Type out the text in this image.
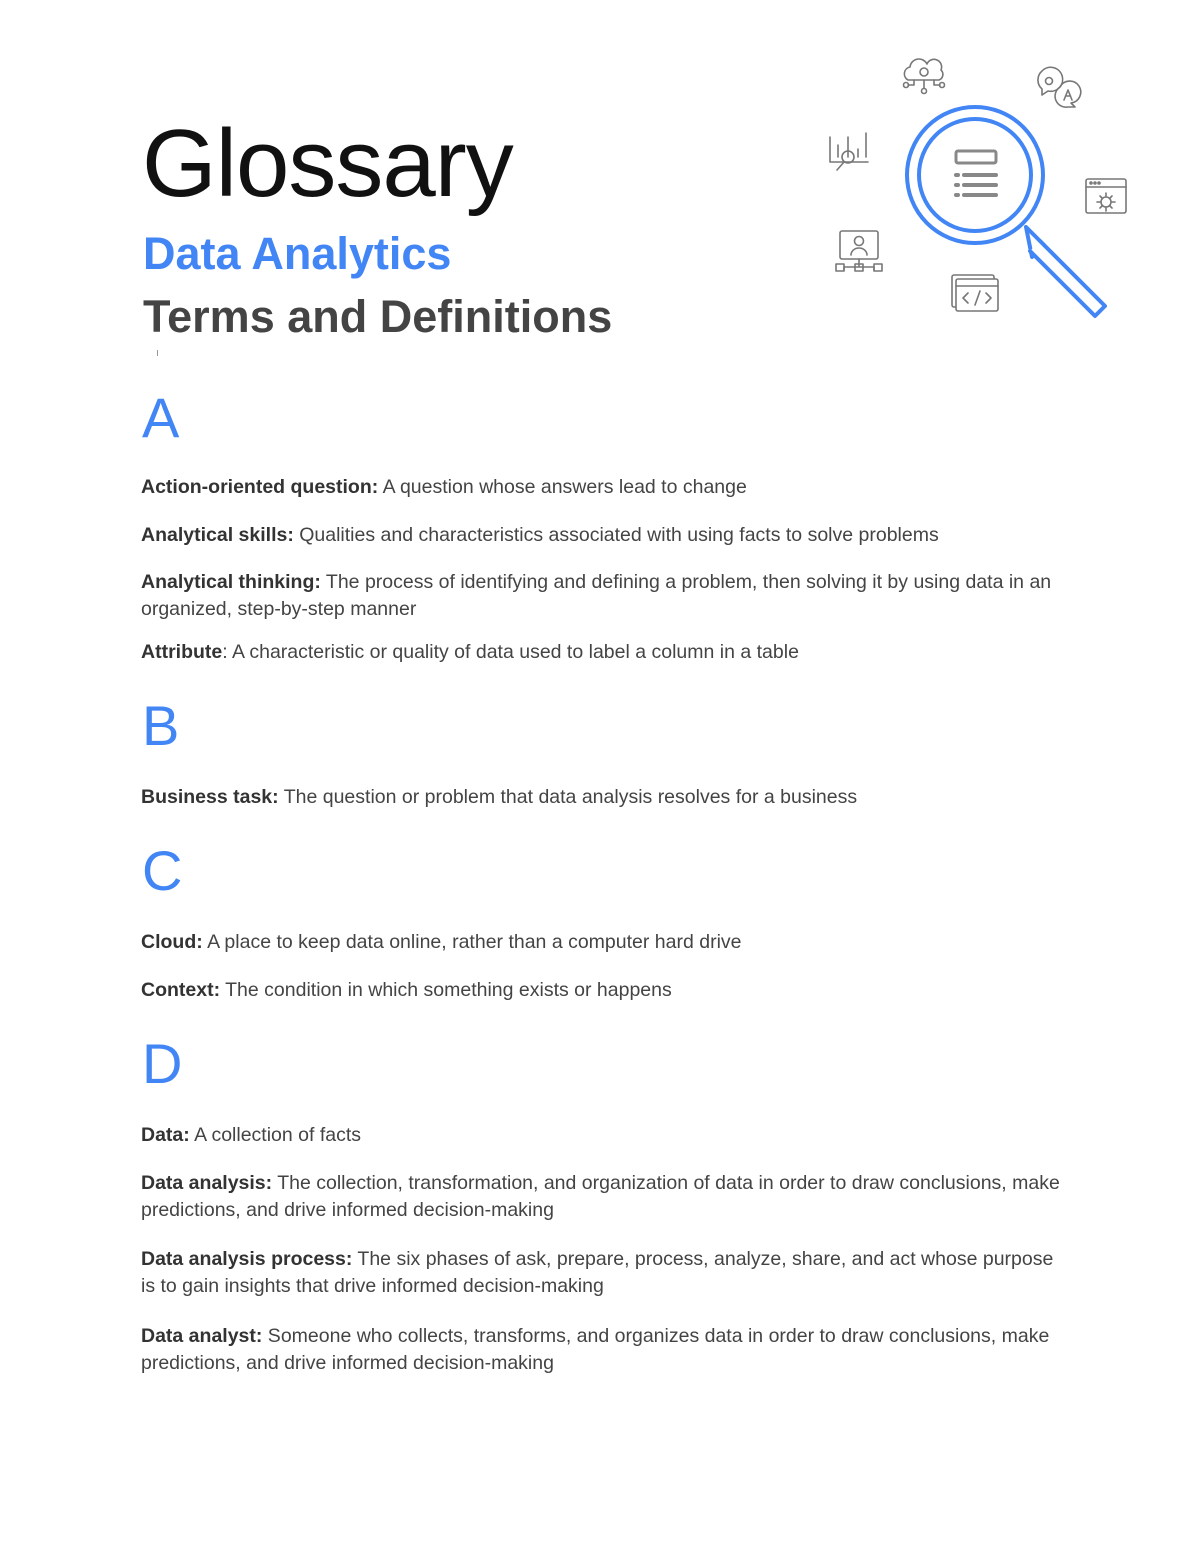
Glossary
Data Analytics
Terms and Definitions
A

Action-oriented question: A question whose answers lead to change

Analytical skills: Qualities and characteristics associated with using facts to solve problems

Analytical thinking: The process of identifying and defining a problem, then solving it by using data in an organized, step-by-step manner

Attribute: A characteristic or quality of data used to label a column in a table

B

Business task: The question or problem that data analysis resolves for a business

C

Cloud: A place to keep data online, rather than a computer hard drive

Context: The condition in which something exists or happens

D

Data: A collection of facts

Data analysis: The collection, transformation, and organization of data in order to draw conclusions, make predictions, and drive informed decision-making

Data analysis process: The six phases of ask, prepare, process, analyze, share, and act whose purpose is to gain insights that drive informed decision-making

Data analyst: Someone who collects, transforms, and organizes data in order to draw conclusions, make predictions, and drive informed decision-making
